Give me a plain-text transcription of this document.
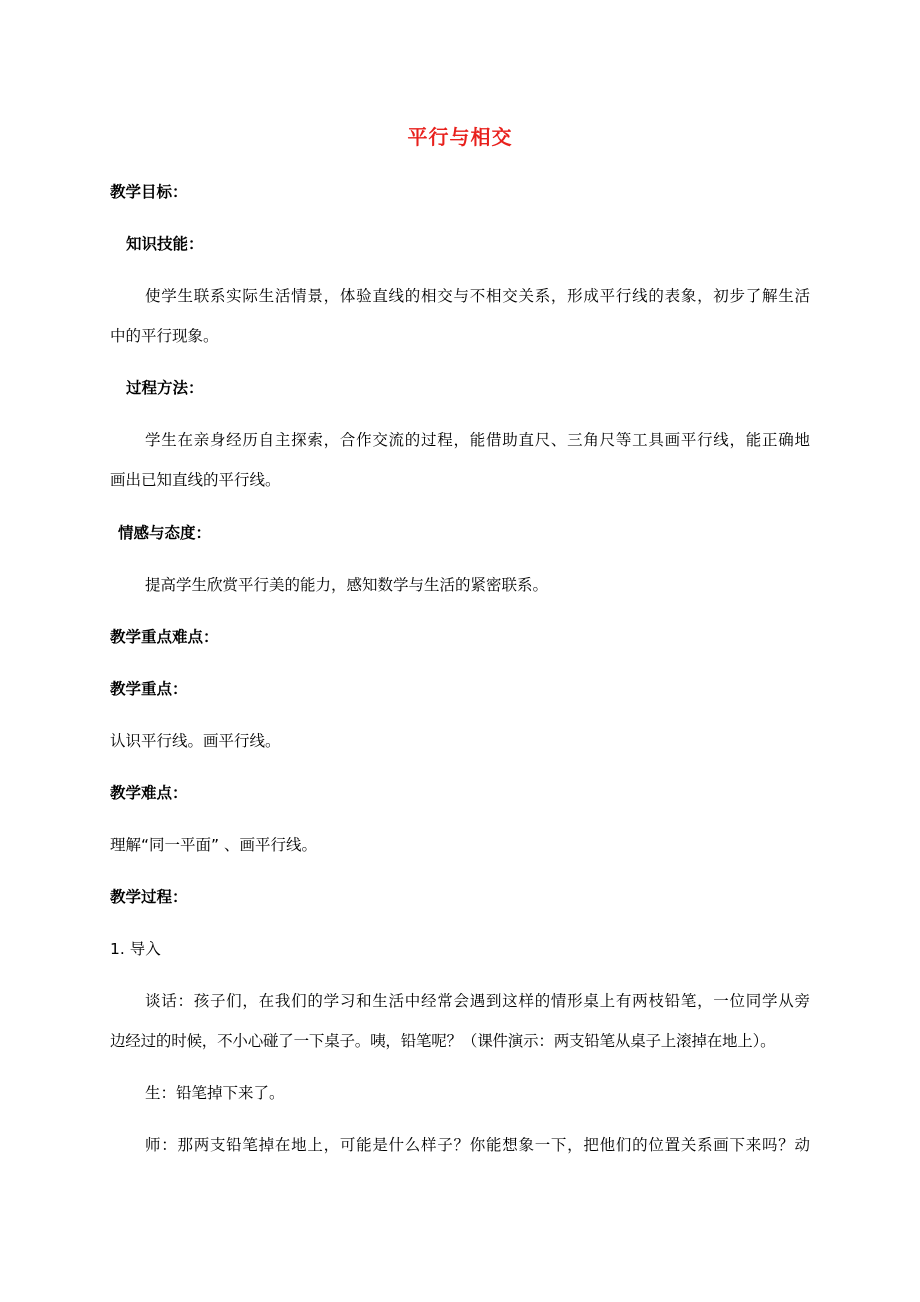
平行与相交
教学目标：
知识技能：
使学生联系实际生活情景，体验直线的相交与不相交关系，形成平行线的表象，初步了解生活
中的平行现象。
过程方法：
学生在亲身经历自主探索，合作交流的过程，能借助直尺、三角尺等工具画平行线，能正确地
画出已知直线的平行线。
情感与态度：
提高学生欣赏平行美的能力，感知数学与生活的紧密联系。
教学重点难点：
教学重点：
认识平行线。画平行线。
教学难点：
理解“同一平面” 、画平行线。
教学过程：
1. 导入
谈话：孩子们，在我们的学习和生活中经常会遇到这样的情形桌上有两枝铅笔，一位同学从旁
边经过的时候，不小心碰了一下桌子。咦，铅笔呢？（课件演示：两支铅笔从桌子上滚掉在地上）。
生：铅笔掉下来了。
师：那两支铅笔掉在地上，可能是什么样子？你能想象一下，把他们的位置关系画下来吗？动
